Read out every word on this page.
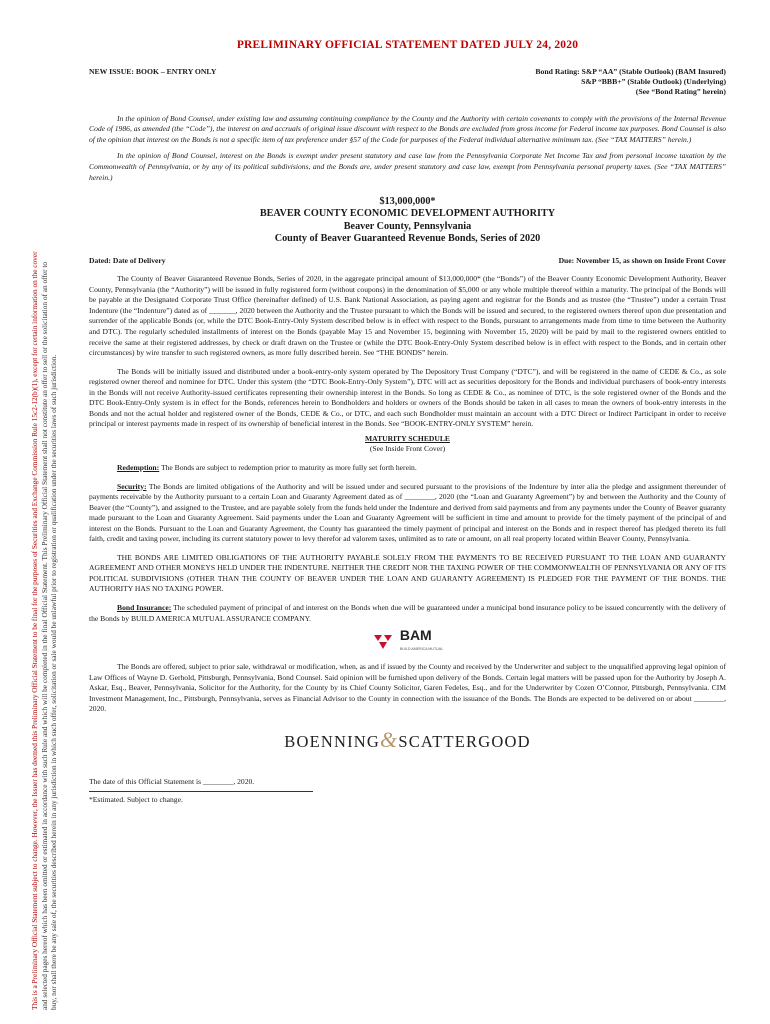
This is a Preliminary Official Statement subject to change. However, the Issuer has deemed this Preliminary Official Statement to be final for the purposes of Securities and Exchange Commission Rule 15c2-12(b)(1), except for certain information on the cover and selected pages hereof which has been omitted or estimated in accordance with such Rule and which will be completed in the final Official Statement. This Preliminary Official Statement shall not constitute an offer to sell or the solicitation of an offer to buy, nor shall there be any sale of, the securities described herein in any jurisdiction in which such offer, solicitation or sale would be unlawful prior to registration or qualification under the securities laws of such jurisdiction.
PRELIMINARY OFFICIAL STATEMENT DATED JULY 24, 2020
NEW ISSUE: BOOK – ENTRY ONLY	Bond Rating: S&P “AA” (Stable Outlook) (BAM Insured)
S&P “BBB+” (Stable Outlook) (Underlying)
(See “Bond Rating” herein)

In the opinion of Bond Counsel, under existing law and assuming continuing compliance by the County and the Authority with certain covenants to comply with the provisions of the Internal Revenue Code of 1986, as amended (the “Code”), the interest on and accruals of original issue discount with respect to the Bonds are excluded from gross income for Federal income tax purposes. Bond Counsel is also of the opinion that interest on the Bonds is not a specific item of tax preference under §57 of the Code for purposes of the Federal individual alternative minimum tax. (See “TAX MATTERS” herein.)

In the opinion of Bond Counsel, interest on the Bonds is exempt under present statutory and case law from the Pennsylvania Corporate Net Income Tax and from personal income taxation by the Commonwealth of Pennsylvania, or by any of its political subdivisions, and the Bonds are, under present statutory and case law, exempt from Pennsylvania personal property taxes. (See “TAX MATTERS” herein.)

$13,000,000*
BEAVER COUNTY ECONOMIC DEVELOPMENT AUTHORITY
Beaver County, Pennsylvania
County of Beaver Guaranteed Revenue Bonds, Series of 2020
Dated: Date of Delivery	Due: November 15, as shown on Inside Front Cover

The County of Beaver Guaranteed Revenue Bonds, Series of 2020, in the aggregate principal amount of $13,000,000* (the “Bonds”) of the Beaver County Economic Development Authority, Beaver County, Pennsylvania (the “Authority”) will be issued in fully registered form (without coupons) in the denomination of $5,000 or any whole multiple thereof within a maturity. The principal of the Bonds will be payable at the Designated Corporate Trust Office (hereinafter defined) of U.S. Bank National Association, as paying agent and registrar for the Bonds and as trustee (the “Trustee”) under a certain Trust Indenture (the “Indenture”) dated as of _______, 2020 between the Authority and the Trustee pursuant to which the Bonds will be issued and secured, to the registered owners thereof upon due presentation and surrender of the applicable Bonds (or, while the DTC Book-Entry-Only System described below is in effect with respect to the Bonds, pursuant to arrangements made from time to time between the Authority and DTC). The regularly scheduled installments of interest on the Bonds (payable May 15 and November 15, beginning with November 15, 2020) will be paid by mail to the registered owners entitled to receive the same at their registered addresses, by check or draft drawn on the Trustee or (while the DTC Book-Entry-Only System described below is in effect with respect to the Bonds, and in certain other circumstances) by wire transfer to such registered owners, as more fully described herein. See “THE BONDS” herein.

The Bonds will be initially issued and distributed under a book-entry-only system operated by The Depository Trust Company (“DTC”), and will be registered in the name of CEDE & Co., as sole registered owner thereof and nominee for DTC. Under this system (the “DTC Book-Entry-Only System”), DTC will act as securities depository for the Bonds and individual purchasers of book-entry interests in the Bonds will not receive Authority-issued certificates representing their ownership interest in the Bonds. So long as CEDE & Co., as nominee of DTC, is the sole registered owner of the Bonds and the DTC Book-Entry-Only system is in effect for the Bonds, references herein to Bondholders and holders or owners of the Bonds should be taken in all cases to mean the owners of book-entry interests in the Bonds and not the actual holder and registered owner of the Bonds, CEDE & Co., or DTC, and each such Bondholder must maintain an account with a DTC Direct or Indirect Participant in order to receive principal or interest payments made in respect of its ownership of beneficial interest in the Bonds. See “BOOK-ENTRY-ONLY SYSTEM” herein.

MATURITY SCHEDULE
(See Inside Front Cover)

Redemption: The Bonds are subject to redemption prior to maturity as more fully set forth herein.

Security: The Bonds are limited obligations of the Authority and will be issued under and secured pursuant to the provisions of the Indenture by inter alia the pledge and assignment thereunder of payments receivable by the Authority pursuant to a certain Loan and Guaranty Agreement dated as of ________, 2020 (the “Loan and Guaranty Agreement”) by and between the Authority and the County of Beaver (the “County”), and assigned to the Trustee, and are payable solely from the funds held under the Indenture and derived from said payments and from any payments under the County of Beaver guaranty made pursuant to the Loan and Guaranty Agreement. Said payments under the Loan and Guaranty Agreement will be sufficient in time and amount to provide for the timely payment of the principal of and interest on the Bonds. Pursuant to the Loan and Guaranty Agreement, the County has guaranteed the timely payment of principal and interest on the Bonds and in respect thereof has pledged thereto its full faith, credit and taxing power, including its current statutory power to levy therefor ad valorem taxes, unlimited as to rate or amount, on all real property located within Beaver County, Pennsylvania.

THE BONDS ARE LIMITED OBLIGATIONS OF THE AUTHORITY PAYABLE SOLELY FROM THE PAYMENTS TO BE RECEIVED PURSUANT TO THE LOAN AND GUARANTY AGREEMENT AND OTHER MONEYS HELD UNDER THE INDENTURE. NEITHER THE CREDIT NOR THE TAXING POWER OF THE COMMONWEALTH OF PENNSYLVANIA OR ANY OF ITS POLITICAL SUBDIVISIONS (OTHER THAN THE COUNTY OF BEAVER UNDER THE LOAN AND GUARANTY AGREEMENT) IS PLEDGED FOR THE PAYMENT OF THE BONDS. THE AUTHORITY HAS NO TAXING POWER.

Bond Insurance: The scheduled payment of principal of and interest on the Bonds when due will be guaranteed under a municipal bond insurance policy to be issued concurrently with the delivery of the Bonds by BUILD AMERICA MUTUAL ASSURANCE COMPANY.

BAM
BUILD AMERICA MUTUAL

The Bonds are offered, subject to prior sale, withdrawal or modification, when, as and if issued by the County and received by the Underwriter and subject to the unqualified approving legal opinion of Law Offices of Wayne D. Gerhold, Pittsburgh, Pennsylvania, Bond Counsel. Said opinion will be furnished upon delivery of the Bonds. Certain legal matters will be passed upon for the Authority by Joseph A. Askar, Esq., Beaver, Pennsylvania, Solicitor for the Authority, for the County by its Chief County Solicitor, Garen Fedeles, Esq., and for the Underwriter by Cozen O’Connor, Pittsburgh, Pennsylvania. CIM Investment Management, Inc., Pittsburgh, Pennsylvania, serves as Financial Advisor to the County in connection with the issuance of the Bonds. The Bonds are expected to be delivered on or about ________, 2020.

BOENNING&SCATTERGOOD
The date of this Official Statement is ________, 2020.
*Estimated. Subject to change.
